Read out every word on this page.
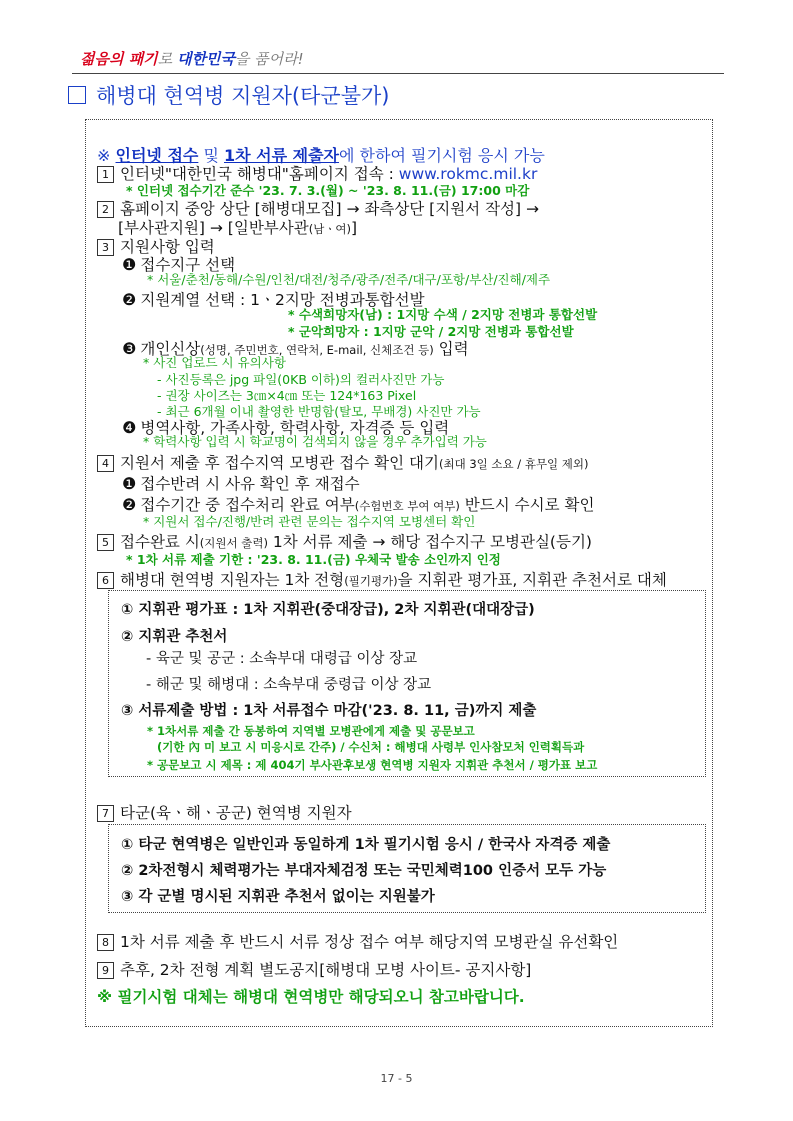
젊음의 패기로 대한민국을 품어라!
해병대 현역병 지원자(타군불가)
※ 인터넷 접수 및 1차 서류 제출자에 한하여 필기시험 응시 가능
1 인터넷"대한민국 해병대"홈페이지 접속 : www.rokmc.mil.kr
* 인터넷 접수기간 준수 '23. 7. 3.(월) ~ '23. 8. 11.(금) 17:00 마감
2 홈페이지 중앙 상단 [해병대모집] → 좌측상단 [지원서 작성] →
[부사관지원] → [일반부사관(남ㆍ여)]
3 지원사항 입력
❶ 접수지구 선택
* 서울/춘천/동해/수원/인천/대전/청주/광주/전주/대구/포항/부산/진해/제주
❷ 지원계열 선택 : 1ㆍ2지망 전병과통합선발
* 수색희망자(남) : 1지망 수색 / 2지망 전병과 통합선발
* 군악희망자 : 1지망 군악 / 2지망 전병과 통합선발
❸ 개인신상(성명, 주민번호, 연락처, E-mail, 신체조건 등) 입력
* 사진 업로드 시 유의사항
- 사진등록은 jpg 파일(0KB 이하)의 컬러사진만 가능
- 권장 사이즈는 3㎝×4㎝ 또는 124*163 Pixel
- 최근 6개월 이내 촬영한 반명함(탈모, 무배경) 사진만 가능
❹ 병역사항, 가족사항, 학력사항, 자격증 등 입력
* 학력사항 입력 시 학교명이 검색되지 않을 경우 추가입력 가능
4 지원서 제출 후 접수지역 모병관 접수 확인 대기(최대 3일 소요 / 휴무일 제외)
❶ 접수반려 시 사유 확인 후 재접수
❷ 접수기간 중 접수처리 완료 여부(수험번호 부여 여부) 반드시 수시로 확인
* 지원서 접수/진행/반려 관련 문의는 접수지역 모병센터 확인
5 접수완료 시(지원서 출력) 1차 서류 제출 → 해당 접수지구 모병관실(등기)
* 1차 서류 제출 기한 : '23. 8. 11.(금) 우체국 발송 소인까지 인정
6 해병대 현역병 지원자는 1차 전형(필기평가)을 지휘관 평가표, 지휘관 추천서로 대체
① 지휘관 평가표 : 1차 지휘관(중대장급), 2차 지휘관(대대장급)
② 지휘관 추천서
- 육군 및 공군 : 소속부대 대령급 이상 장교
- 해군 및 해병대 : 소속부대 중령급 이상 장교
③ 서류제출 방법 : 1차 서류접수 마감('23. 8. 11, 금)까지 제출
* 1차서류 제출 간 동봉하여 지역별 모병관에게 제출 및 공문보고
(기한 內 미 보고 시 미응시로 간주) / 수신처 : 해병대 사령부 인사참모처 인력획득과
* 공문보고 시 제목 : 제 404기 부사관후보생 현역병 지원자 지휘관 추천서 / 평가표 보고
7 타군(육ㆍ해ㆍ공군) 현역병 지원자
① 타군 현역병은 일반인과 동일하게 1차 필기시험 응시 / 한국사 자격증 제출
② 2차전형시 체력평가는 부대자체검정 또는 국민체력100 인증서 모두 가능
③ 각 군별 명시된 지휘관 추천서 없이는 지원불가
8 1차 서류 제출 후 반드시 서류 정상 접수 여부 해당지역 모병관실 유선확인
9 추후, 2차 전형 계획 별도공지[해병대 모병 사이트- 공지사항]
※ 필기시험 대체는 해병대 현역병만 해당되오니 참고바랍니다.
17 - 5
